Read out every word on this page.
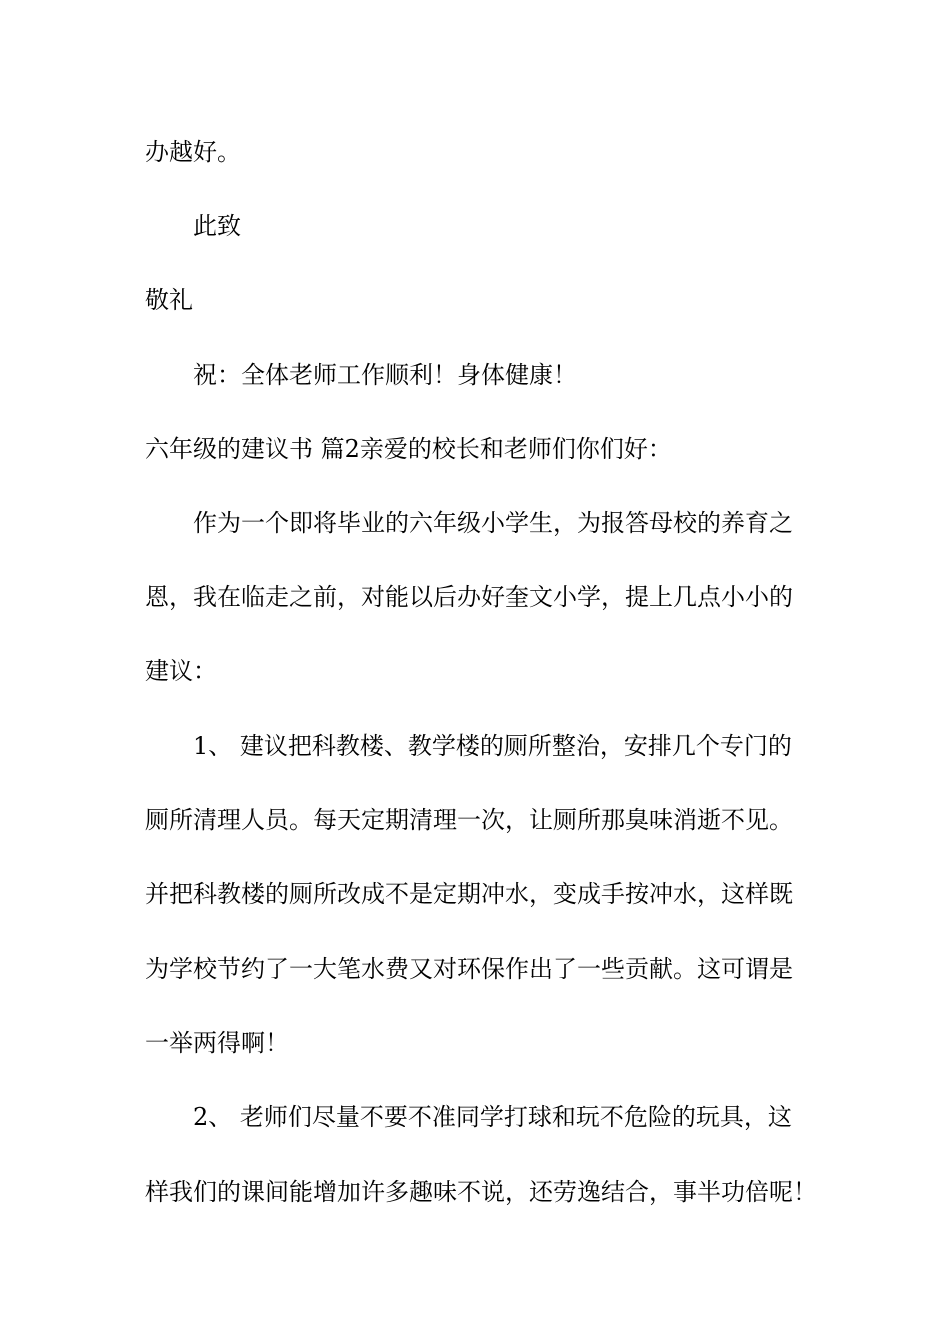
办越好。

此致

敬礼

祝：全体老师工作顺利！身体健康！

六年级的建议书 篇2亲爱的校长和老师们你们好：

作为一个即将毕业的六年级小学生，为报答母校的养育之

恩，我在临走之前，对能以后办好奎文小学，提上几点小小的

建议：

1、 建议把科教楼、教学楼的厕所整治，安排几个专门的

厕所清理人员。每天定期清理一次，让厕所那臭味消逝不见。

并把科教楼的厕所改成不是定期冲水，变成手按冲水，这样既

为学校节约了一大笔水费又对环保作出了一些贡献。这可谓是

一举两得啊！

2、 老师们尽量不要不准同学打球和玩不危险的玩具，这

样我们的课间能增加许多趣味不说，还劳逸结合，事半功倍呢！
